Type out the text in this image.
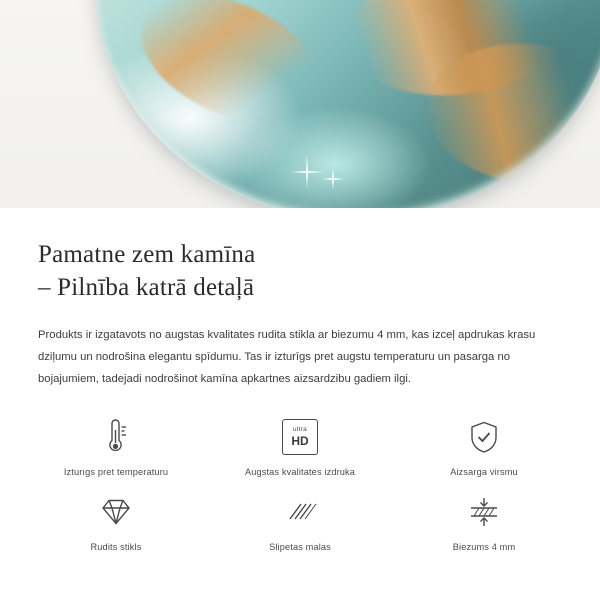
Pamatne zem kamīna
– Pilnība katrā detaļā

Produkts ir izgatavots no augstas kvalitates rudita stikla ar biezumu 4 mm, kas izceļ apdrukas krasu dziļumu un nodrošina elegantu spīdumu. Tas ir izturīgs pret augstu temperaturu un pasarga no bojajumiem, tadejadi nodrošinot kamīna apkartnes aizsardzibu gadiem ilgi.

Izturıgs pret temperaturu
ultra
HD
Augstas kvalitates izdruka	Aizsarga virsmu
Rudits stikls	Slipetas malas	Biezums 4 mm
